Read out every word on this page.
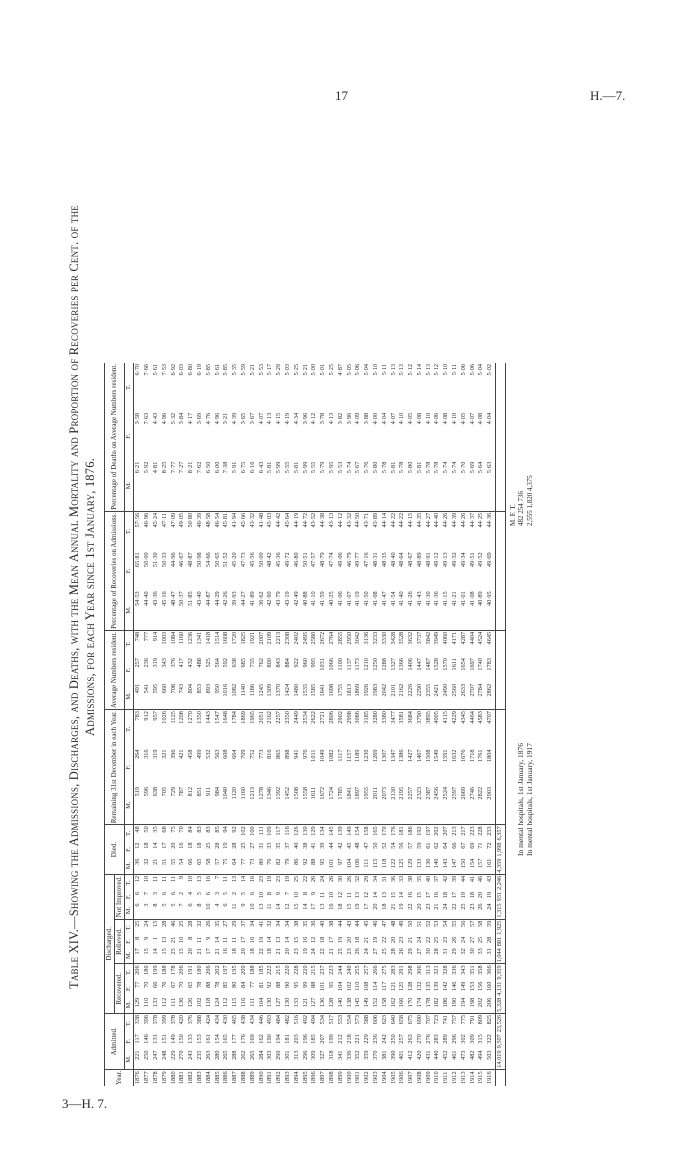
17	H.—7.
3—H. 7.
Table XIV.—Showing the Admissions, Discharges, and Deaths, with the Mean Annual Mortality and Proportion of Recoveries per Cent. of the Admissions, for each Year since 1st January, 1876.
Year.	Admitted.			Discharged.									Died.			Remaining 31st December in each Year.			Average Numbers resident.			Percentage of Recoveries on Admissions.			Percentage of Deaths on Average Numbers resident.		
				Recovered.			Relieved.			Not Improved.																	
	M.	F.	T.	M.	F.	T.	M.	F.	T.	M.	F.	T.	M.	F.	T.	M.	F.	T.	M.	F.	T.	M.	F.	T.	M.	F.	T.
1876	221	117	338	129	77	206	17	8	25	6	6	12	36	12	48	519	264	783	491	257	748	54·53	65·81	57·56	6·21	3·58	6·70
1877	250	146	396	110	70	180	15	9	24	3	7	10	32	18	50	596	316	912	541	236	777	44·40	50·00	46·96	5·92	7·63	7·66
1878	247	131	378	133	66	199	14	1	15	8	3	11	21	14	35	638	319	957	595	319	914	43·36	51·30	45·24	4·81	4·43	5·61
1879	248	151	399	112	76	188	15	13	28	5	6	11	51	17	68	705	321	1026	660	343	1003	45·16	50·33	47·11	8·25	4·96	7·53
1880	229	149	378	111	67	178	25	21	46	5	6	11	55	20	75	729	396	1125	708	376	1084	48·47	44·96	47·09	7·77	5·32	6·92
1881	270	150	420	136	70	206	15	10	25	7	2	9	54	16	70	787	421	1208	743	417	1160	50·37	46·67	49·05	7·27	3·84	6·03
1882	243	133	376	126	65	191	20	8	28	6	4	10	66	18	84	812	458	1270	804	432	1236	51·85	48·87	50·80	8·21	4·17	6·80
1883	235	153	388	102	78	180	21	11	32	8	5	13	65	18	83	851	499	1350	853	488	1341	43·40	50·98	46·39	7·62	3·69	6·19
1884	263	161	424	118	88	206	17	9	26	10	6	16	58	25	83	911	532	1443	893	525	1418	44·87	54·66	48·58	6·50	4·76	5·85
1885	280	154	434	124	78	202	21	14	35	4	3	7	57	28	85	984	563	1547	950	564	1514	44·29	50·65	46·54	6·00	4·96	5·61
1886	265	165	430	112	85	197	16	11	27	6	5	11	75	19	94	1040	608	1648	1016	592	1608	42·26	51·52	45·81	7·38	3·21	5·85
1887	288	177	465	115	80	195	18	11	29	11	2	13	64	28	92	1120	664	1784	1082	638	1720	39·93	45·20	41·94	5·91	4·39	5·35
1888	262	176	438	116	84	200	20	17	37	9	5	14	77	25	102	1160	709	1869	1140	685	1825	44·27	47·73	45·66	6·75	3·65	5·59
1889	265	169	434	111	77	188	18	16	34	10	6	16	73	27	100	1213	752	1965	1186	735	1921	41·89	45·56	43·32	6·16	3·67	5·21
1890	284	162	446	104	81	185	22	19	41	13	10	23	80	31	111	1278	773	2051	1245	762	2007	36·62	50·00	41·48	6·43	4·07	5·53
1891	303	190	493	130	92	222	18	14	32	11	8	19	76	33	109	1346	816	2162	1309	800	2109	42·90	48·42	45·03	5·81	4·13	5·17
1892	290	194	484	127	88	215	21	13	34	14	9	23	82	35	117	1392	865	2257	1370	843	2213	43·79	45·36	44·42	5·99	4·15	5·29
1893	301	181	482	130	90	220	20	14	34	12	7	19	79	37	116	1452	898	2350	1424	884	2308	43·19	49·72	45·64	5·55	4·19	5·03
1894	313	203	516	133	95	228	23	15	38	15	10	25	86	40	126	1508	941	2449	1480	922	2402	42·49	46·80	44·19	5·81	4·34	5·25
1895	296	196	492	121	99	220	19	16	35	14	8	22	92	38	130	1558	976	2534	1535	960	2495	40·88	50·51	44·72	5·99	3·96	5·21
1896	309	185	494	127	88	215	24	12	36	17	9	26	88	41	129	1611	1011	2622	1585	995	2580	41·10	47·57	43·52	5·55	4·12	5·00
1897	327	207	534	136	101	237	22	18	40	13	11	24	95	39	134	1672	1049	2721	1641	1031	2672	41·59	48·79	44·38	5·79	3·78	5·01
1898	318	199	517	128	95	223	21	17	38	16	10	26	101	44	145	1724	1082	2806	1698	1066	2764	40·25	47·74	43·13	5·95	4·13	5·25
1899	341	212	553	140	104	244	25	19	44	18	12	30	97	42	139	1785	1117	2902	1755	1100	2855	41·06	49·06	44·12	5·53	3·82	4·87
1900	336	218	554	138	102	240	23	20	43	15	11	26	104	45	149	1841	1157	2998	1813	1137	2950	41·07	46·79	43·32	5·74	3·96	5·05
1901	352	221	573	145	110	255	26	18	44	19	13	32	106	48	154	1897	1189	3086	1869	1173	3042	41·19	49·77	44·50	5·67	4·09	5·06
1902	359	229	588	149	108	257	24	21	45	17	12	29	111	47	158	1955	1230	3185	1926	1210	3136	41·50	47·16	43·71	5·76	3·88	5·04
1903	370	236	606	152	114	266	27	19	46	20	14	34	115	50	165	2011	1269	3280	1983	1250	3233	41·08	48·31	43·89	5·80	4·00	5·10
1904	381	242	623	158	117	275	25	22	47	18	13	31	118	52	170	2073	1307	3380	2042	1288	3330	41·47	48·35	44·14	5·78	4·04	5·11
1905	390	250	640	162	121	283	28	20	48	21	15	36	122	54	176	2130	1347	3477	2101	1327	3428	41·54	48·40	44·22	5·81	4·07	5·13
1906	401	257	658	166	125	291	26	23	49	19	14	33	125	56	181	2195	1386	3581	2162	1366	3528	41·40	48·64	44·22	5·78	4·10	5·13
1907	412	263	675	170	128	298	29	21	50	22	16	38	129	57	186	2257	1427	3684	2226	1406	3632	41·26	48·67	44·15	5·80	4·05	5·12
1908	420	270	690	174	132	306	27	24	51	20	15	35	133	59	192	2323	1467	3790	2290	1447	3737	41·43	48·89	44·35	5·81	4·08	5·14
1909	431	276	707	178	135	313	30	22	52	23	17	40	136	61	197	2387	1508	3895	2355	1487	3842	41·30	48·91	44·27	5·78	4·10	5·13
1910	440	283	723	182	139	321	28	25	53	21	16	37	140	62	202	2456	1549	4005	2421	1528	3949	41·36	49·12	44·40	5·78	4·06	5·12
1911	452	289	741	186	142	328	31	23	54	24	18	42	143	64	207	2524	1591	4115	2490	1570	4060	41·15	49·13	44·26	5·74	4·08	5·10
1912	461	296	757	190	146	336	29	26	55	22	17	39	147	66	213	2597	1632	4229	2560	1611	4171	41·21	49·32	44·39	5·74	4·10	5·11
1913	473	302	775	194	149	343	32	24	56	25	19	44	150	67	217	2669	1676	4345	2633	1654	4287	41·01	49·34	44·26	5·70	4·05	5·06
1914	482	309	791	198	153	351	30	27	57	23	18	41	154	69	223	2746	1718	4464	2707	1697	4404	41·08	49·51	44·37	5·69	4·07	5·06
1915	494	315	809	202	156	358	33	25	58	26	20	46	157	71	228	2822	1761	4583	2784	1740	4524	40·89	49·52	44·25	5·64	4·08	5·04
1916	503	322	825	206	160	366	31	28	59	24	19	43	161	72	233	2903	1804	4707	2862	1783	4645	40·95	49·69	44·36	5·63	4·04	5·02
	14,019	9,507	23,526	5,328	4,131	9,359	1,044	881	1,925	1,315	931	2,246	4,359	1,998	6,357												
M. F. T.
In mental hospitals, 1st January, 1876
482 254 736
In mental hospitals, 1st January, 1917
2,555 1,820 4,375
